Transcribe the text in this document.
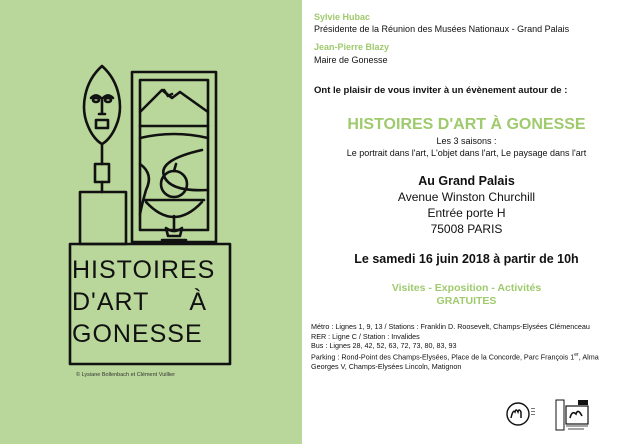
HISTOIRES
D'ART À
GONESSE
© Lysiane Bollenbach et Clément Vuillier
Sylvie Hubac
Présidente de la Réunion des Musées Nationaux - Grand Palais
Jean-Pierre Blazy
Maire de Gonesse
Ont le plaisir de vous inviter à un évènement autour de :
HISTOIRES D'ART À GONESSE
Les 3 saisons :
Le portrait dans l'art, L'objet dans l'art, Le paysage dans l'art
Au Grand Palais
Avenue Winston Churchill
Entrée porte H
75008 PARIS
Le samedi 16 juin 2018 à partir de 10h
Visites - Exposition - Activités
GRATUITES
Métro : Lignes 1, 9, 13 / Stations : Franklin D. Roosevelt, Champs-Elysées Clémenceau
RER : Ligne C / Station : Invalides
Bus : Lignes 28, 42, 52, 63, 72, 73, 80, 83, 93
Parking : Rond-Point des Champs-Elysées, Place de la Concorde, Parc François 1er, Alma
Georges V, Champs-Elysées Lincoln, Matignon
